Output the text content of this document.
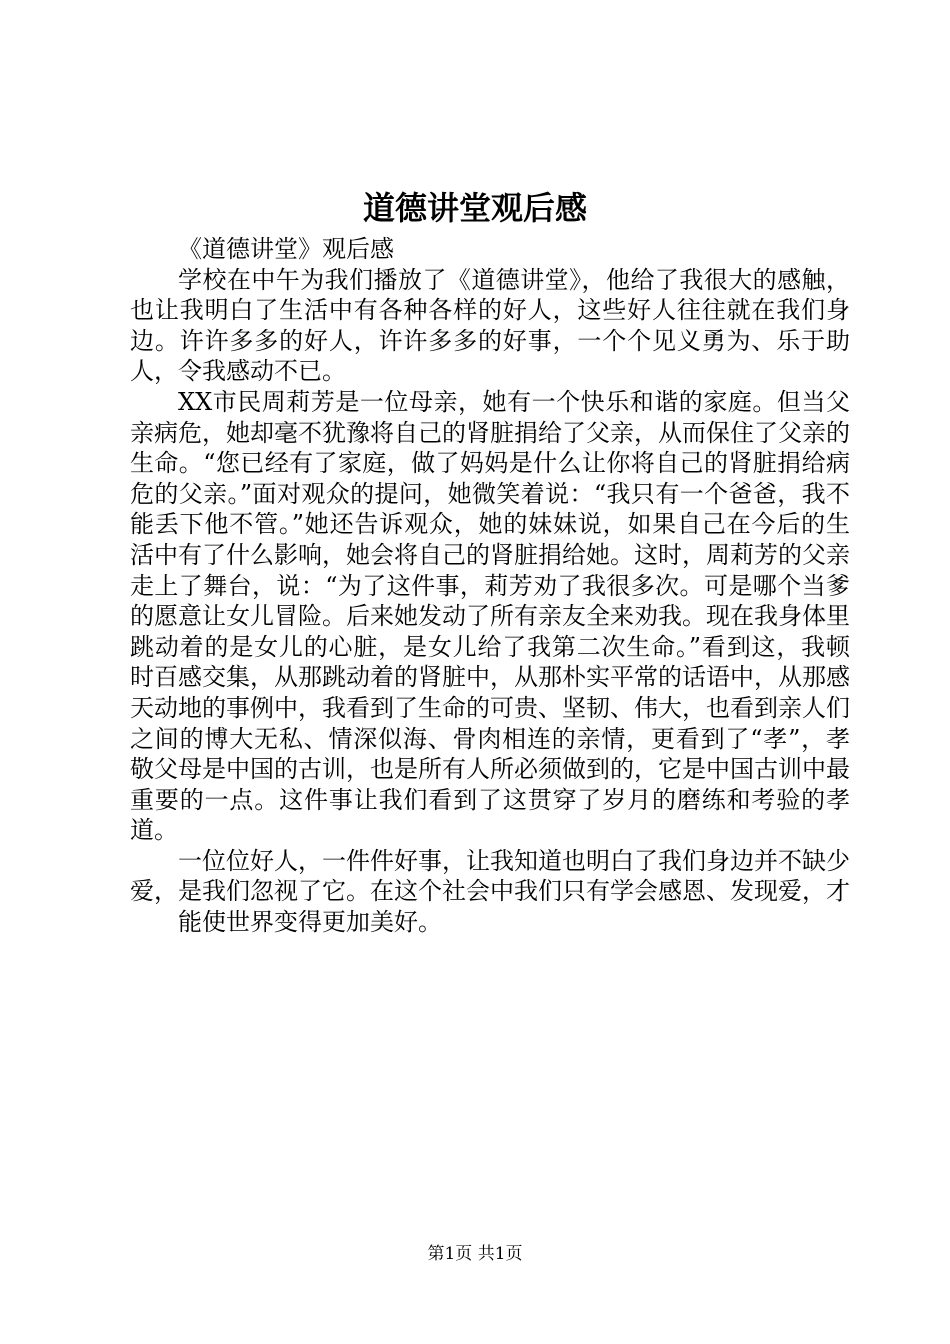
道德讲堂观后感

《道德讲堂》观后感

学校在中午为我们播放了《道德讲堂》，他给了我很大的感触，也让我明白了生活中有各种各样的好人，这些好人往往就在我们身边。许许多多的好人，许许多多的好事，一个个见义勇为、乐于助人，令我感动不已。

XX市民周莉芳是一位母亲，她有一个快乐和谐的家庭。但当父亲病危，她却毫不犹豫将自己的肾脏捐给了父亲，从而保住了父亲的生命。“您已经有了家庭，做了妈妈是什么让你将自己的肾脏捐给病危的父亲。”面对观众的提问，她微笑着说：“我只有一个爸爸，我不能丢下他不管。”她还告诉观众，她的妹妹说，如果自己在今后的生活中有了什么影响，她会将自己的肾脏捐给她。这时，周莉芳的父亲走上了舞台，说：“为了这件事，莉芳劝了我很多次。可是哪个当爹的愿意让女儿冒险。后来她发动了所有亲友全来劝我。现在我身体里跳动着的是女儿的心脏，是女儿给了我第二次生命。”看到这，我顿时百感交集，从那跳动着的肾脏中，从那朴实平常的话语中，从那感天动地的事例中，我看到了生命的可贵、坚韧、伟大，也看到亲人们之间的博大无私、情深似海、骨肉相连的亲情，更看到了“孝”，孝敬父母是中国的古训，也是所有人所必须做到的，它是中国古训中最重要的一点。这件事让我们看到了这贯穿了岁月的磨练和考验的孝道。

一位位好人，一件件好事，让我知道也明白了我们身边并不缺少爱，是我们忽视了它。在这个社会中我们只有学会感恩、发现爱，才

能使世界变得更加美好。

第1页 共1页
